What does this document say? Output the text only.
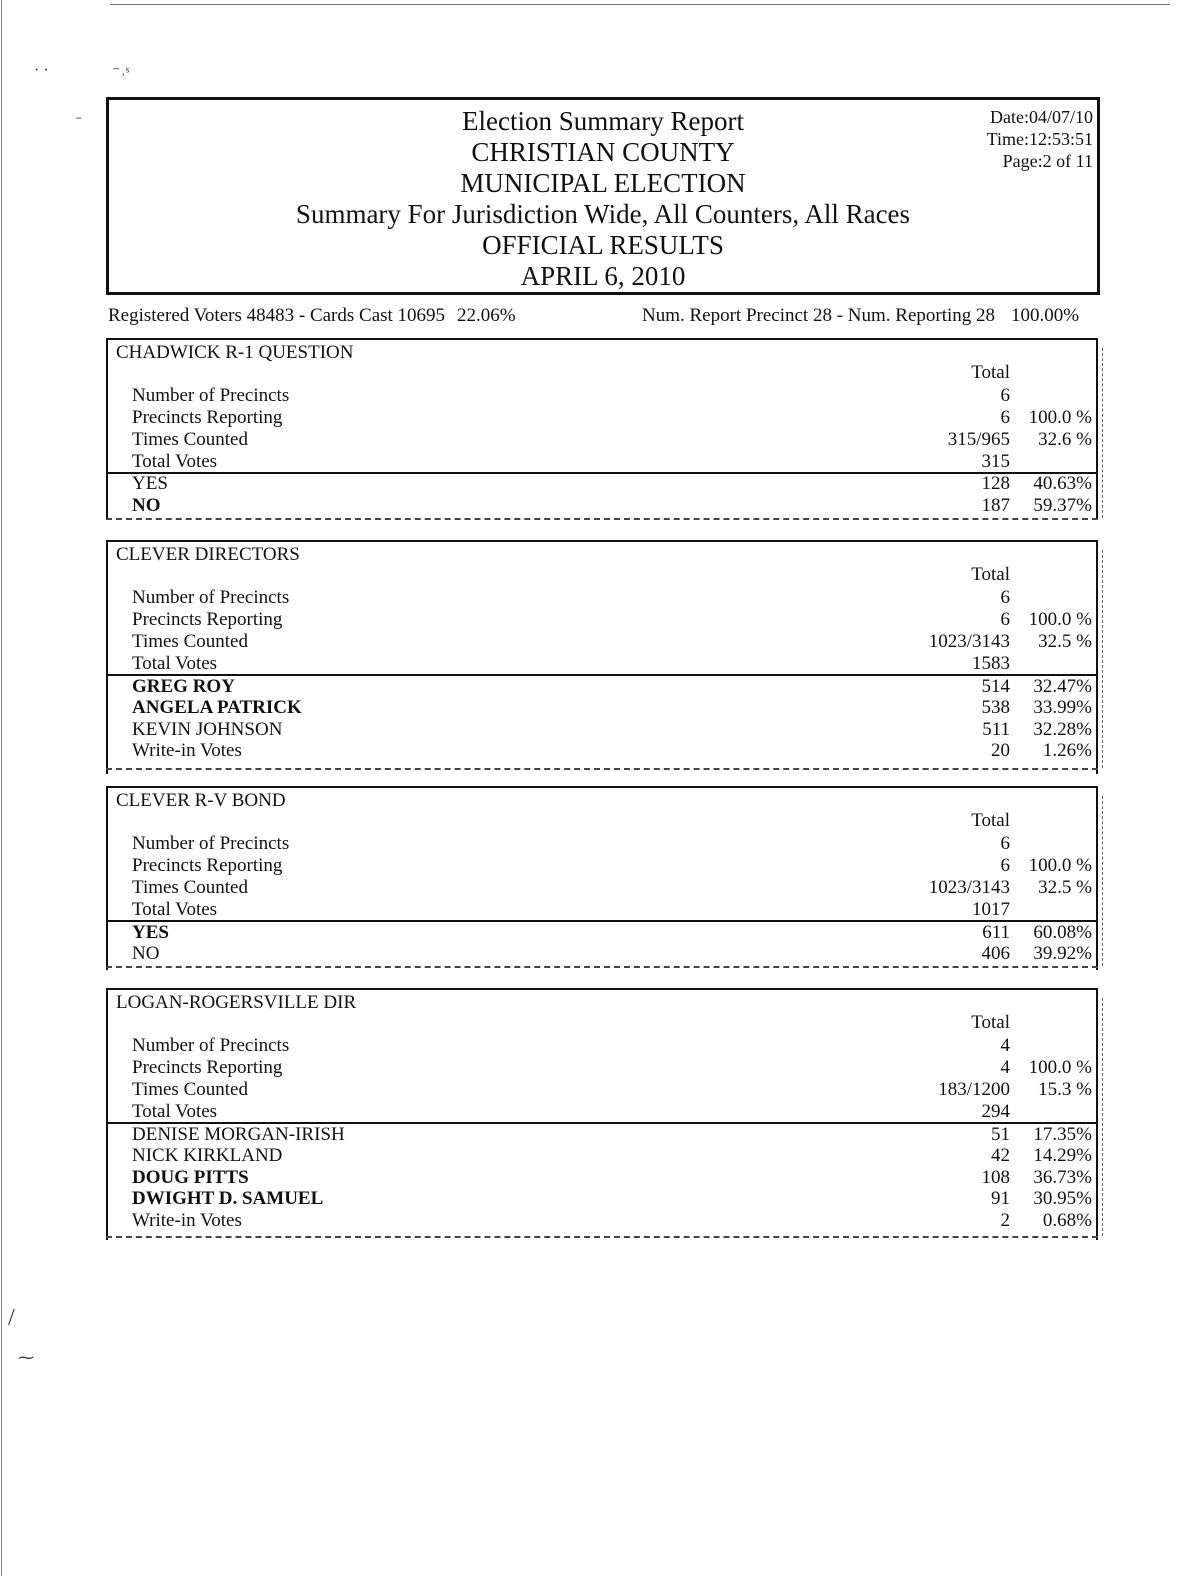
· ·	⁻˒ˢ
˗
/
⁓
Election Summary Report
CHRISTIAN COUNTY
MUNICIPAL ELECTION
Summary For Jurisdiction Wide, All Counters, All Races
OFFICIAL RESULTS
APRIL 6, 2010
Date:04/07/10
Time:12:53:51
Page:2 of 11
Registered Voters 48483 - Cards Cast 10695 22.06%	Num. Report Precinct 28 - Num. Reporting 28 100.00%
CHADWICK R-1 QUESTION
Total
Number of Precincts	6
Precincts Reporting	6 100.0 %
Times Counted	315/965 32.6 %
Total Votes	315
YES	128 40.63%
NO	187 59.37%
CLEVER DIRECTORS
Total
Number of Precincts	6
Precincts Reporting	6 100.0 %
Times Counted	1023/3143 32.5 %
Total Votes	1583
GREG ROY	514 32.47%
ANGELA PATRICK	538 33.99%
KEVIN JOHNSON	511 32.28%
Write-in Votes	20 1.26%
CLEVER R-V BOND
Total
Number of Precincts	6
Precincts Reporting	6 100.0 %
Times Counted	1023/3143 32.5 %
Total Votes	1017
YES	611 60.08%
NO	406 39.92%
LOGAN-ROGERSVILLE DIR
Total
Number of Precincts	4
Precincts Reporting	4 100.0 %
Times Counted	183/1200 15.3 %
Total Votes	294
DENISE MORGAN-IRISH	51 17.35%
NICK KIRKLAND	42 14.29%
DOUG PITTS	108 36.73%
DWIGHT D. SAMUEL	91 30.95%
Write-in Votes	2 0.68%
